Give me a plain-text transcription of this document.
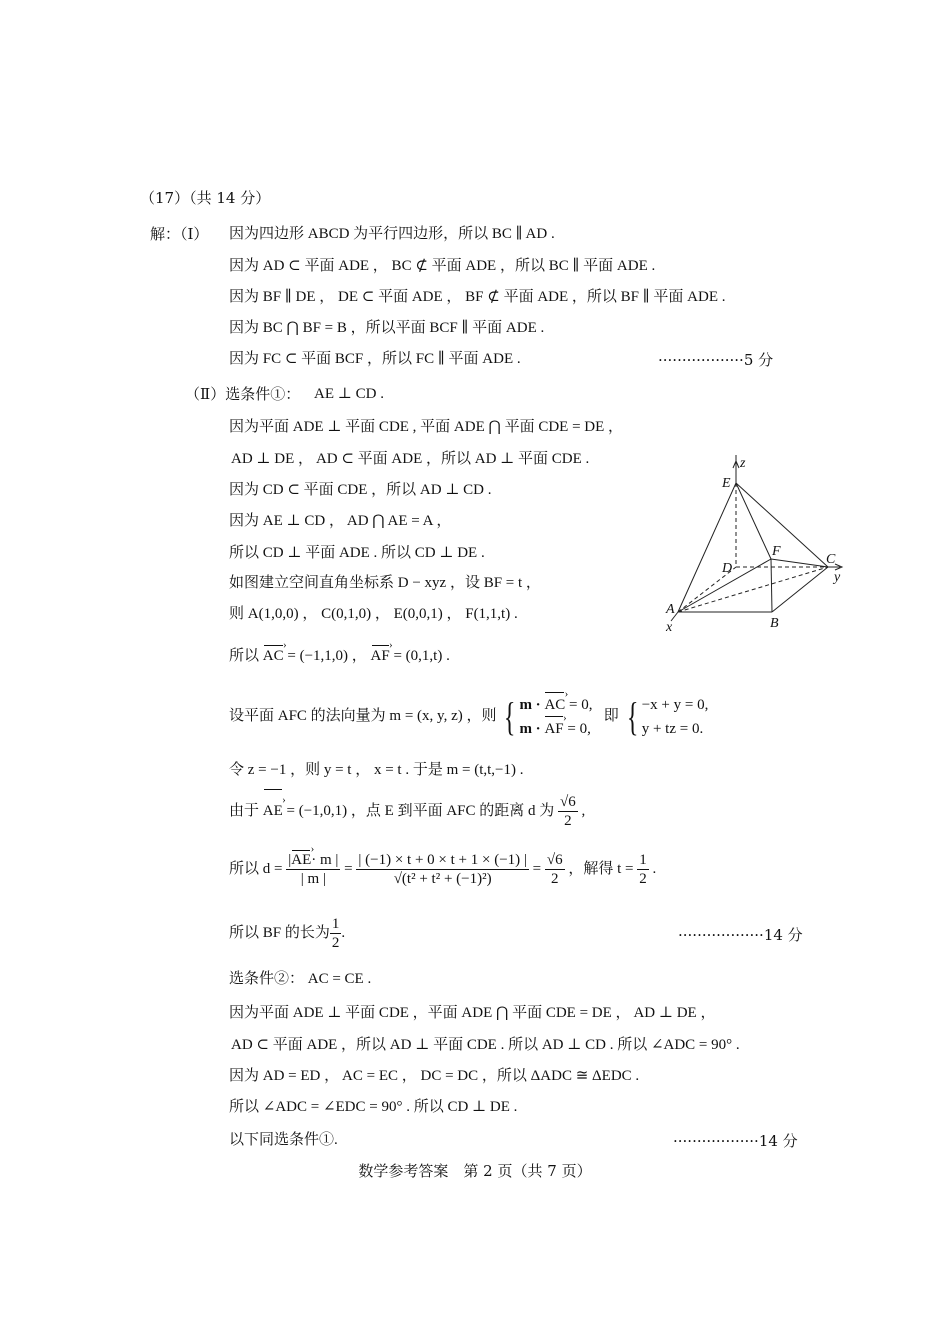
（17）（共 14 分）
解：（Ⅰ） 因为四边形 ABCD 为平行四边形，所以 BC ∥ AD .
因为 AD ⊂ 平面 ADE ， BC ⊄ 平面 ADE ，所以 BC ∥ 平面 ADE .
因为 BF ∥ DE ， DE ⊂ 平面 ADE ， BF ⊄ 平面 ADE ，所以 BF ∥ 平面 ADE .
因为 BC ⋂ BF = B ，所以平面 BCF ∥ 平面 ADE .
因为 FC ⊂ 平面 BCF ，所以 FC ∥ 平面 ADE .	··················5 分
（Ⅱ）选条件①： AE ⊥ CD .
因为平面 ADE ⊥ 平面 CDE , 平面 ADE ⋂ 平面 CDE = DE ，
AD ⊥ DE ， AD ⊂ 平面 ADE ，所以 AD ⊥ 平面 CDE .
因为 CD ⊂ 平面 CDE ，所以 AD ⊥ CD .
因为 AE ⊥ CD ， AD ⋂ AE = A ，
所以 CD ⊥ 平面 ADE . 所以 CD ⊥ DE .
如图建立空间直角坐标系 D − xyz ，设 BF = t ，
则 A(1,0,0) ， C(0,1,0) ， E(0,0,1) ， F(1,1,t) .
所以 AC › = (−1,1,0) ， AF › = (0,1,t) .
设平面 AFC 的法向量为 m = (x, y, z) ，则 { m · AC › = 0,
m · AF › = 0,
即 { −x + y = 0,
y + tz = 0.
令 z = −1 ，则 y = t ， x = t . 于是 m = (t,t,−1) .
由于 AE › = (−1,0,1) ，点 E 到平面 AFC 的距离 d 为 $\frac{√6}{2}$ ,
所以 $d = \frac{|AE ›\cdot m |}{| m |} = \frac{| (-1) \times t + 0 \times t + 1 \times (-1) |}{\text{√(t² + t² + (−1)²)}} = \frac{√6}{2}$ ，解得 $t = \frac{1}{2}$ .
所以 BF 的长为 $\frac{1}{2}$ .	··················14 分
选条件②： AC = CE .
因为平面 ADE ⊥ 平面 CDE ，平面 ADE ⋂ 平面 CDE = DE ， AD ⊥ DE ，
AD ⊂ 平面 ADE ，所以 AD ⊥ 平面 CDE . 所以 AD ⊥ CD . 所以 ∠ADC = 90° .
因为 AD = ED ， AC = EC ， DC = DC ，所以 ΔADC ≅ ΔEDC .
所以 ∠ADC = ∠EDC = 90° . 所以 CD ⊥ DE .
以下同选条件①.	··················14 分
z
E
F
D
C
y
A
x	B
数学参考答案　第 2 页（共 7 页）
